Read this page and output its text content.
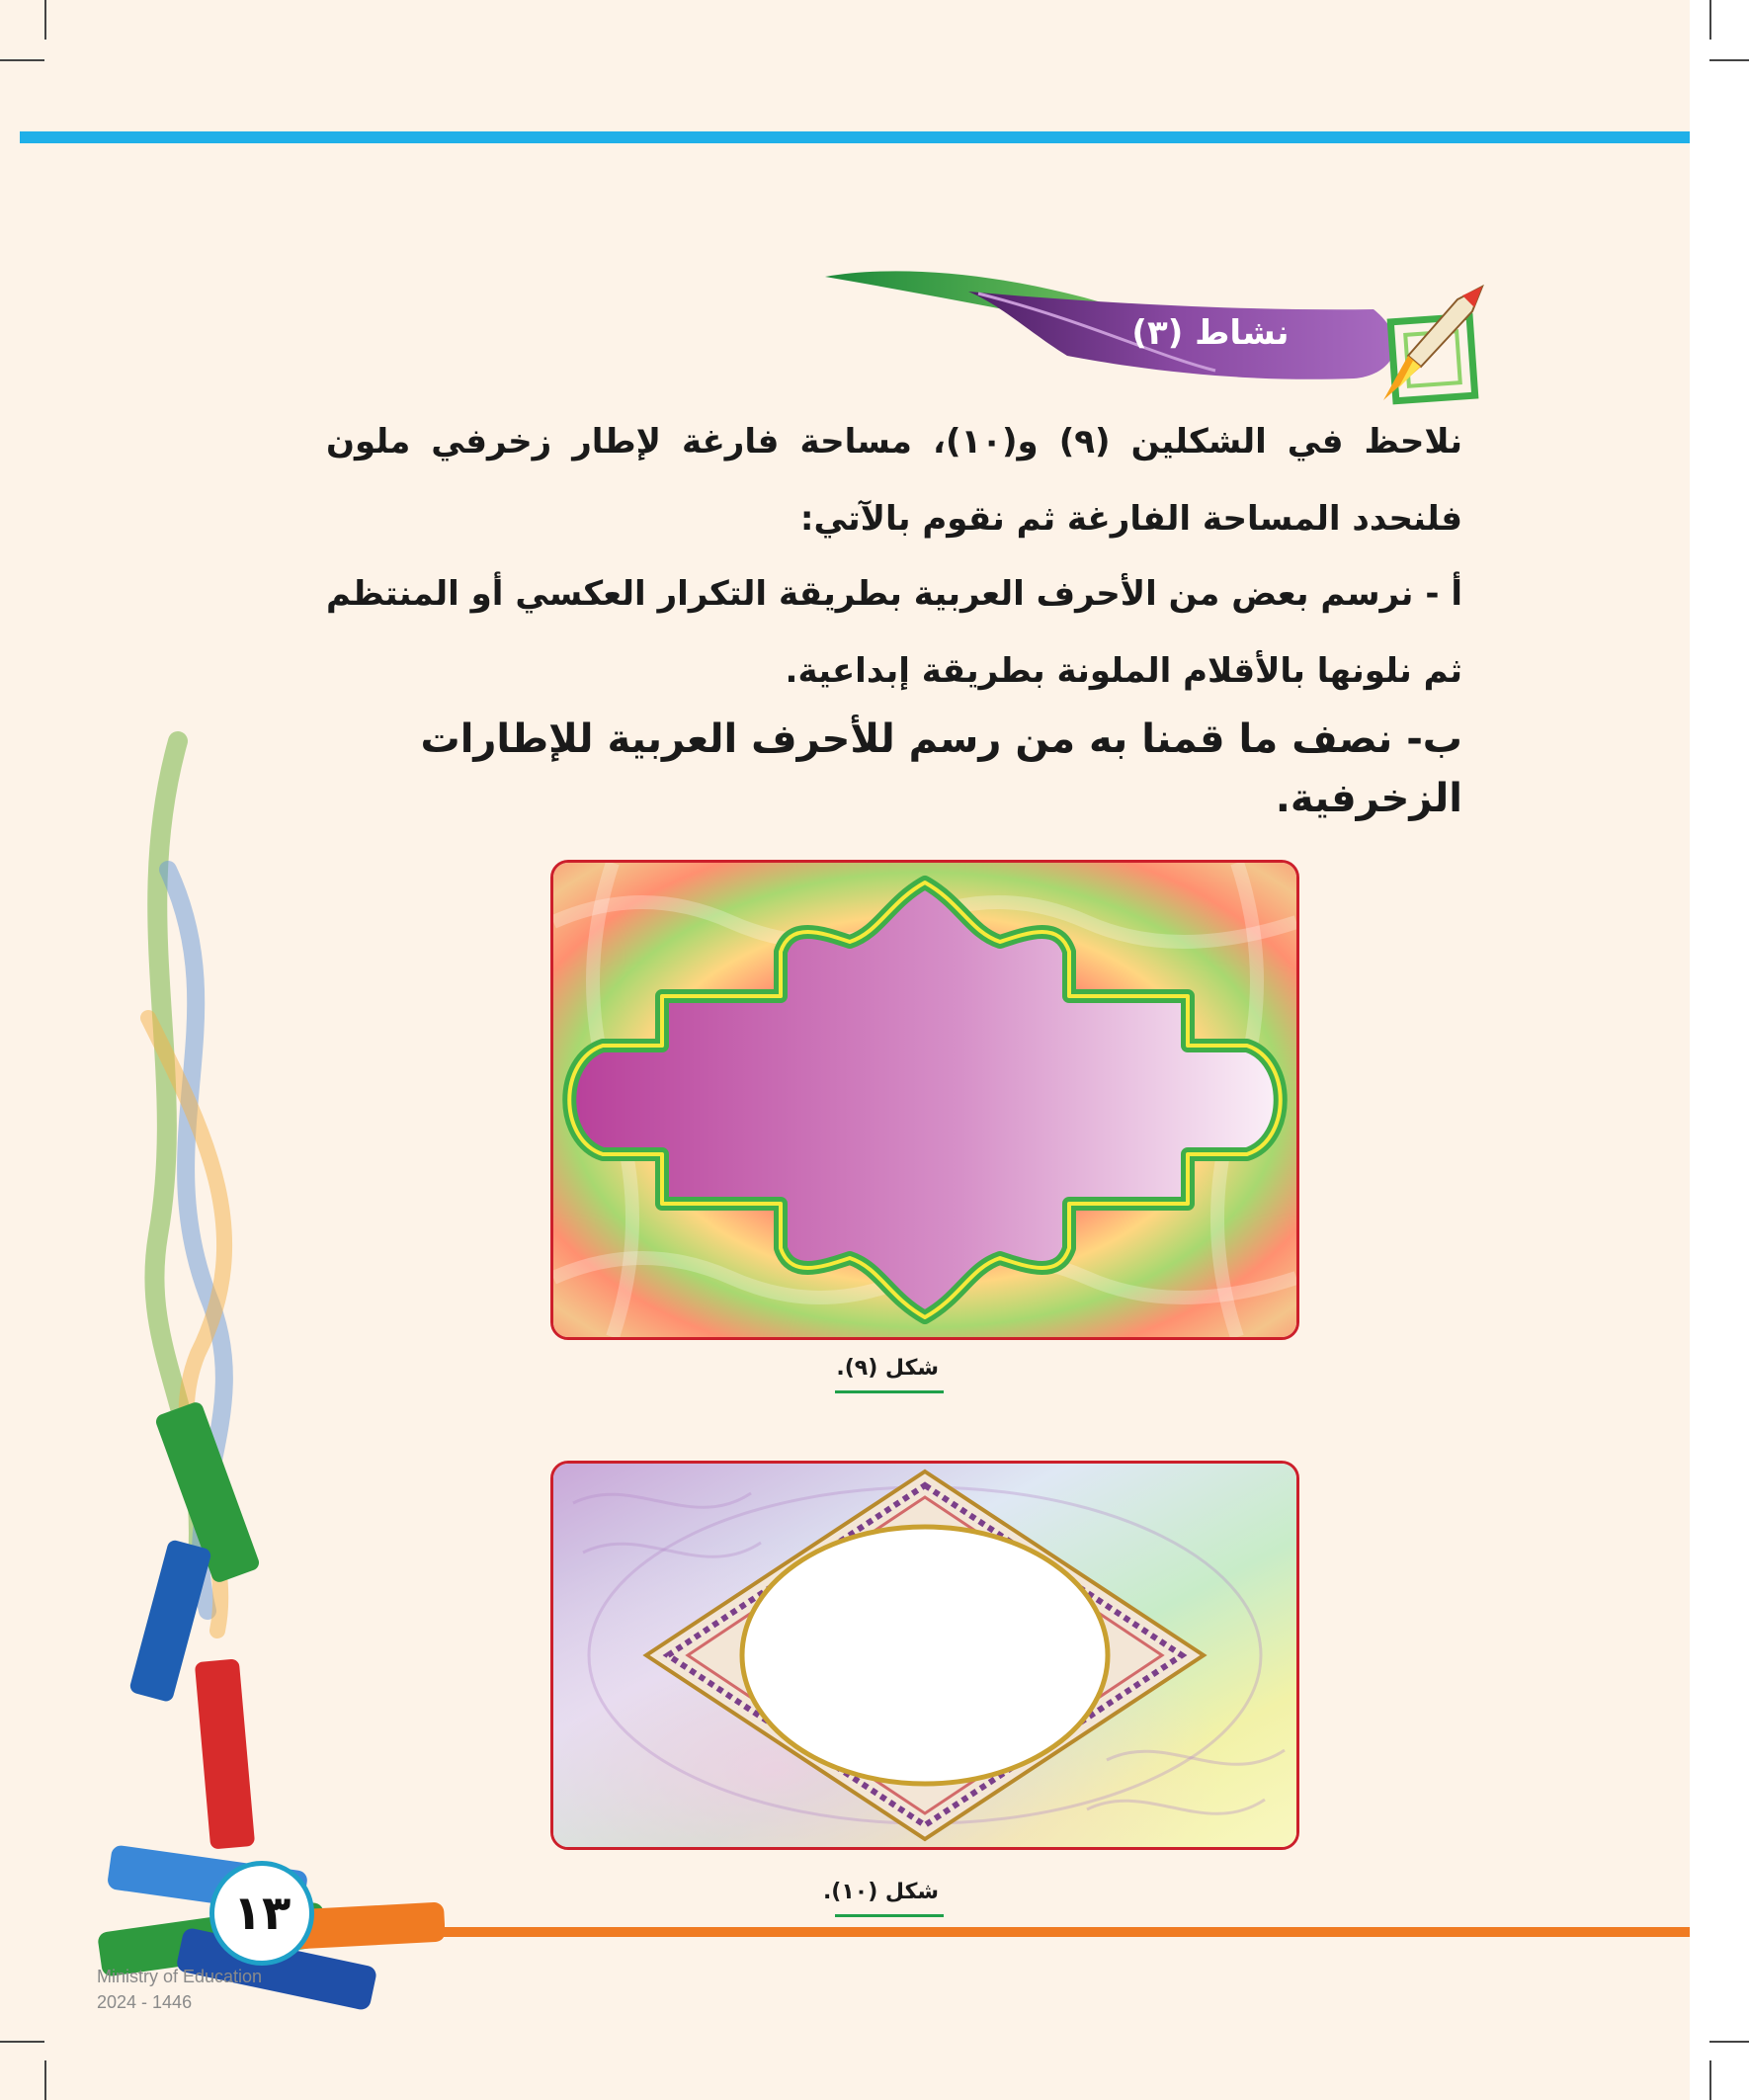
نشاط (٣)
نلاحظ في الشكلين (٩) و(١٠)، مساحة فارغة لإطار زخرفي ملون فلنحدد المساحة الفارغة ثم نقوم بالآتي:
أ - نرسم بعض من الأحرف العربية بطريقة التكرار العكسي أو المنتظم ثم نلونها بالأقلام الملونة بطريقة إبداعية.
ب- نصف ما قمنا به من رسم للأحرف العربية للإطارات الزخرفية.
شكل (٩).
شكل (١٠).
١٣
Ministry of Education
2024 - 1446
